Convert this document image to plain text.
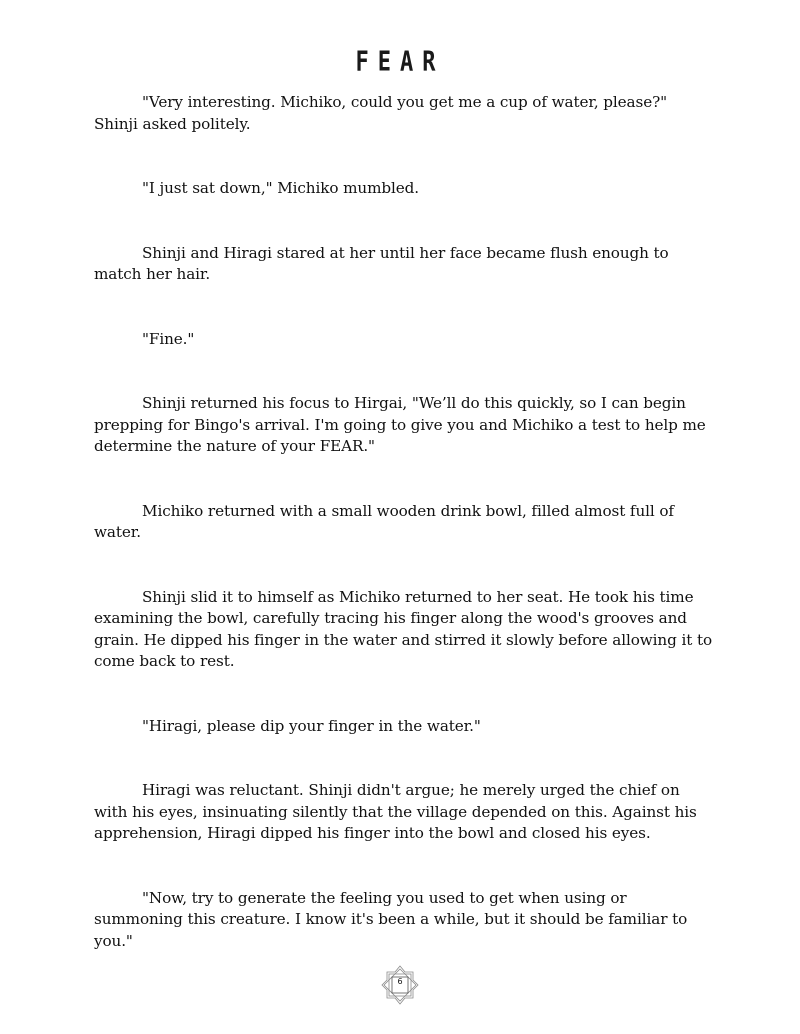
FEAR

"Very interesting. Michiko, could you get me a cup of water, please?" Shinji asked politely.

"I just sat down," Michiko mumbled.

Shinji and Hiragi stared at her until her face became flush enough to match her hair.

"Fine."

Shinji returned his focus to Hirgai, "We’ll do this quickly, so I can begin prepping for Bingo's arrival. I'm going to give you and Michiko a test to help me determine the nature of your FEAR."

Michiko returned with a small wooden drink bowl, filled almost full of water.

Shinji slid it to himself as Michiko returned to her seat. He took his time examining the bowl, carefully tracing his finger along the wood's grooves and grain. He dipped his finger in the water and stirred it slowly before allowing it to come back to rest.

"Hiragi, please dip your finger in the water."

Hiragi was reluctant. Shinji didn't argue; he merely urged the chief on with his eyes, insinuating silently that the village depended on this. Against his apprehension, Hiragi dipped his finger into the bowl and closed his eyes.

"Now, try to generate the feeling you used to get when using or summoning this creature. I know it's been a while, but it should be familiar to you."

6
